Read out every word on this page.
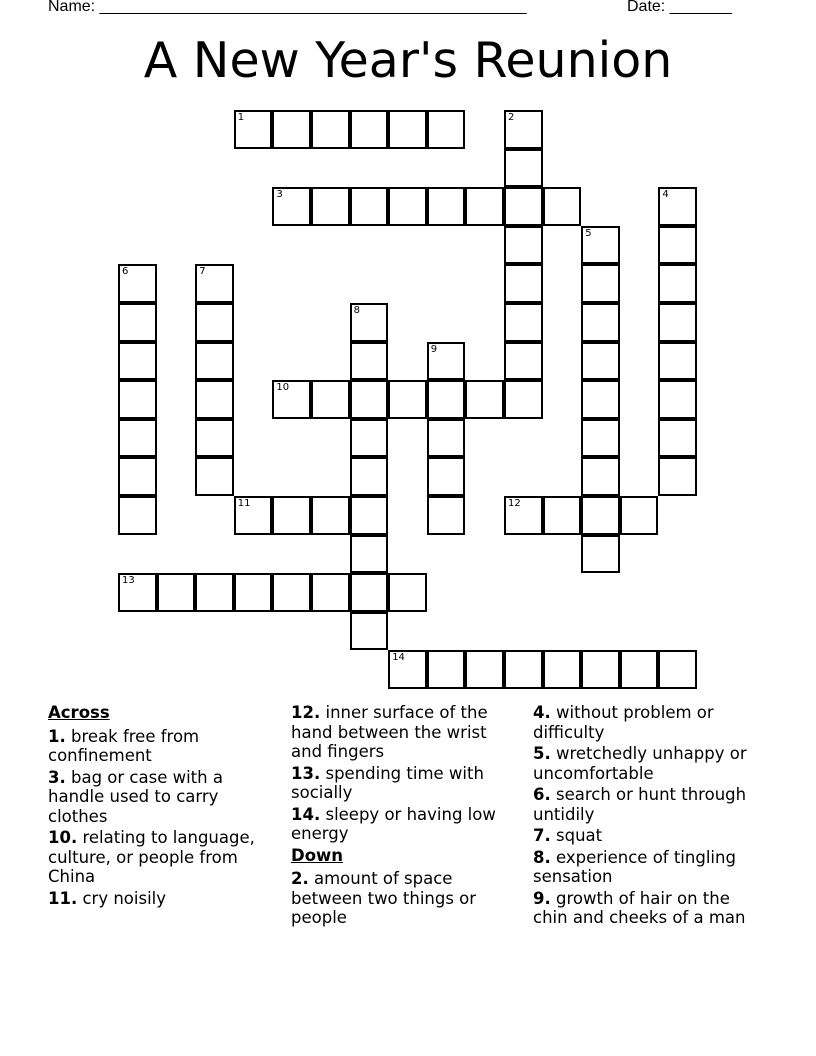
Name: ________________________________________________	Date: _______
A New Year's Reunion
1	2
3	4
5
6	7
8
9
10
11	12
13
14
Across
1. break free from confinement
3. bag or case with a handle used to carry clothes
10. relating to language, culture, or people from China
11. cry noisily
12. inner surface of the hand between the wrist and fingers
13. spending time with socially
14. sleepy or having low energy
Down
2. amount of space between two things or people
4. without problem or difficulty
5. wretchedly unhappy or uncomfortable
6. search or hunt through untidily
7. squat
8. experience of tingling sensation
9. growth of hair on the chin and cheeks of a man
